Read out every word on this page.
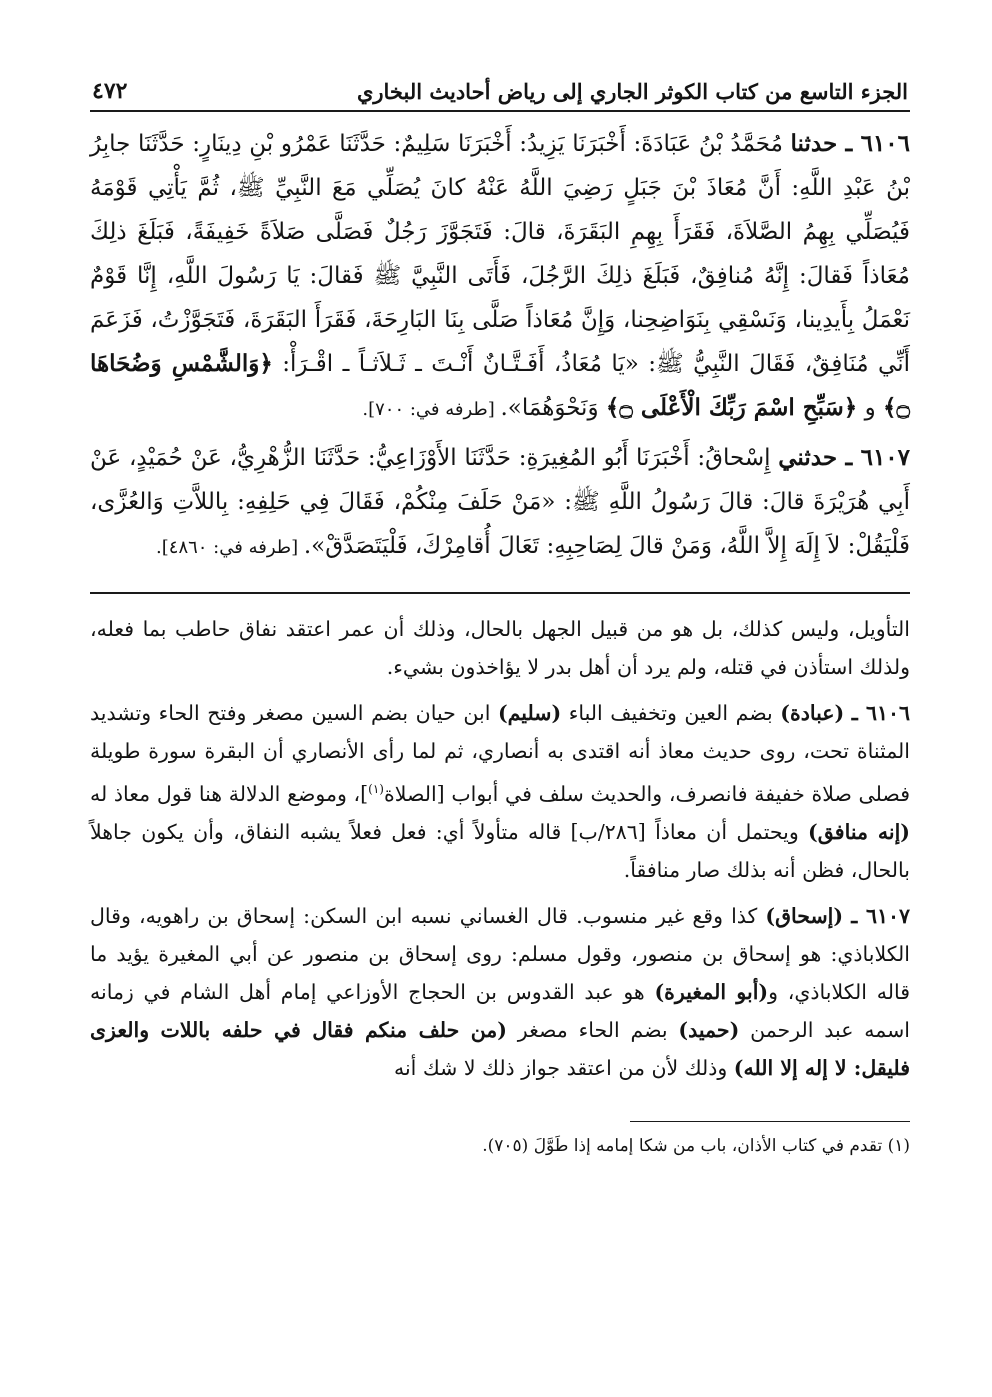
الجزء التاسع من كتاب الكوثر الجاري إلى رياض أحاديث البخاري
٤٧٢

٦١٠٦ ـ حدثنا مُحَمَّدُ بْنُ عَبَادَةَ: أَخْبَرَنَا يَزِيدُ: أَخْبَرَنَا سَلِيمٌ: حَدَّثَنَا عَمْرُو بْنِ دِينَارٍ: حَدَّثَنَا جابِرُ بْنُ عَبْدِ اللَّهِ: أَنَّ مُعَاذَ بْنَ جَبَلٍ رَضِيَ اللَّهُ عَنْهُ كانَ يُصَلِّي مَعَ النَّبِيِّ ﷺ، ثُمَّ يَأْتِي قَوْمَهُ فَيُصَلِّي بِهِمُ الصَّلاَةَ، فَقَرَأَ بِهِمِ البَقَرَةَ، قالَ: فَتَجَوَّزَ رَجُلٌ فَصَلَّى صَلاَةً خَفِيفَةً، فَبَلَغَ ذلِكَ مُعَاذاً فَقالَ: إِنَّهُ مُنافِقٌ، فَبَلَغَ ذلِكَ الرَّجُلَ، فَأَتَى النَّبِيَّ ﷺ فَقالَ: يَا رَسُولَ اللَّهِ، إِنَّا قَوْمٌ نَعْمَلُ بِأَيدِينا، وَنَسْقِي بِنَوَاضِحِنا، وَإِنَّ مُعَاذاً صَلَّى بِنَا البَارِحَةَ، فَقَرَأَ البَقَرَةَ، فَتَجَوَّزْتُ، فَزَعَمَ أَنِّي مُنَافِقٌ، فَقَالَ النَّبِيُّ ﷺ: «يَا مُعَاذُ، أَفَـتَّـانٌ أَنْـتَ ـ ثَـلاَثـاً ـ اقْـرَأْ: ﴿وَالشَّمْسِ وَضُحَاهَا ۝﴾ و ﴿سَبِّحِ اسْمَ رَبِّكَ الْأَعْلَى ۝﴾ وَنَحْوَهُمَا». [طرفه في: ٧٠٠].

٦١٠٧ ـ حدثني إِسْحاقُ: أَخْبَرَنَا أَبُو المُغِيرَةِ: حَدَّثَنَا الأَوْزَاعِيُّ: حَدَّثَنَا الزُّهْرِيُّ، عَنْ حُمَيْدٍ، عَنْ أَبِي هُرَيْرَةَ قالَ: قالَ رَسُولُ اللَّهِ ﷺ: «مَنْ حَلَفَ مِنْكُمْ، فَقَالَ فِي حَلِفِهِ: بِاللاَّتِ وَالعُزَّى، فَلْيَقُلْ: لاَ إِلَهَ إِلاَّ اللَّهُ، وَمَنْ قالَ لِصَاحِبِهِ: تَعَالَ أُقامِرْكَ، فَلْيَتَصَدَّقْ». [طرفه في: ٤٨٦٠].

التأويل، وليس كذلك، بل هو من قبيل الجهل بالحال، وذلك أن عمر اعتقد نفاق حاطب بما فعله، ولذلك استأذن في قتله، ولم يرد أن أهل بدر لا يؤاخذون بشيء.

٦١٠٦ ـ (عبادة) بضم العين وتخفيف الباء (سليم) ابن حيان بضم السين مصغر وفتح الحاء وتشديد المثناة تحت، روى حديث معاذ أنه اقتدى به أنصاري، ثم لما رأى الأنصاري أن البقرة سورة طويلة فصلى صلاة خفيفة فانصرف، والحديث سلف في أبواب [الصلاة$^{(١)}$]، وموضع الدلالة هنا قول معاذ له (إنه منافق) ويحتمل أن معاذاً [٢٨٦/ب] قاله متأولاً أي: فعل فعلاً يشبه النفاق، وأن يكون جاهلاً بالحال، فظن أنه بذلك صار منافقاً.

٦١٠٧ ـ (إسحاق) كذا وقع غير منسوب. قال الغساني نسبه ابن السكن: إسحاق بن راهويه، وقال الكلاباذي: هو إسحاق بن منصور، وقول مسلم: روى إسحاق بن منصور عن أبي المغيرة يؤيد ما قاله الكلاباذي، و(أبو المغيرة) هو عبد القدوس بن الحجاج الأوزاعي إمام أهل الشام في زمانه اسمه عبد الرحمن (حميد) بضم الحاء مصغر (من حلف منكم فقال في حلفه باللات والعزى فليقل: لا إله إلا الله) وذلك لأن من اعتقد جواز ذلك لا شك أنه

(١) تقدم في كتاب الأذان، باب من شكا إمامه إذا طَوَّلَ (٧٠٥).
